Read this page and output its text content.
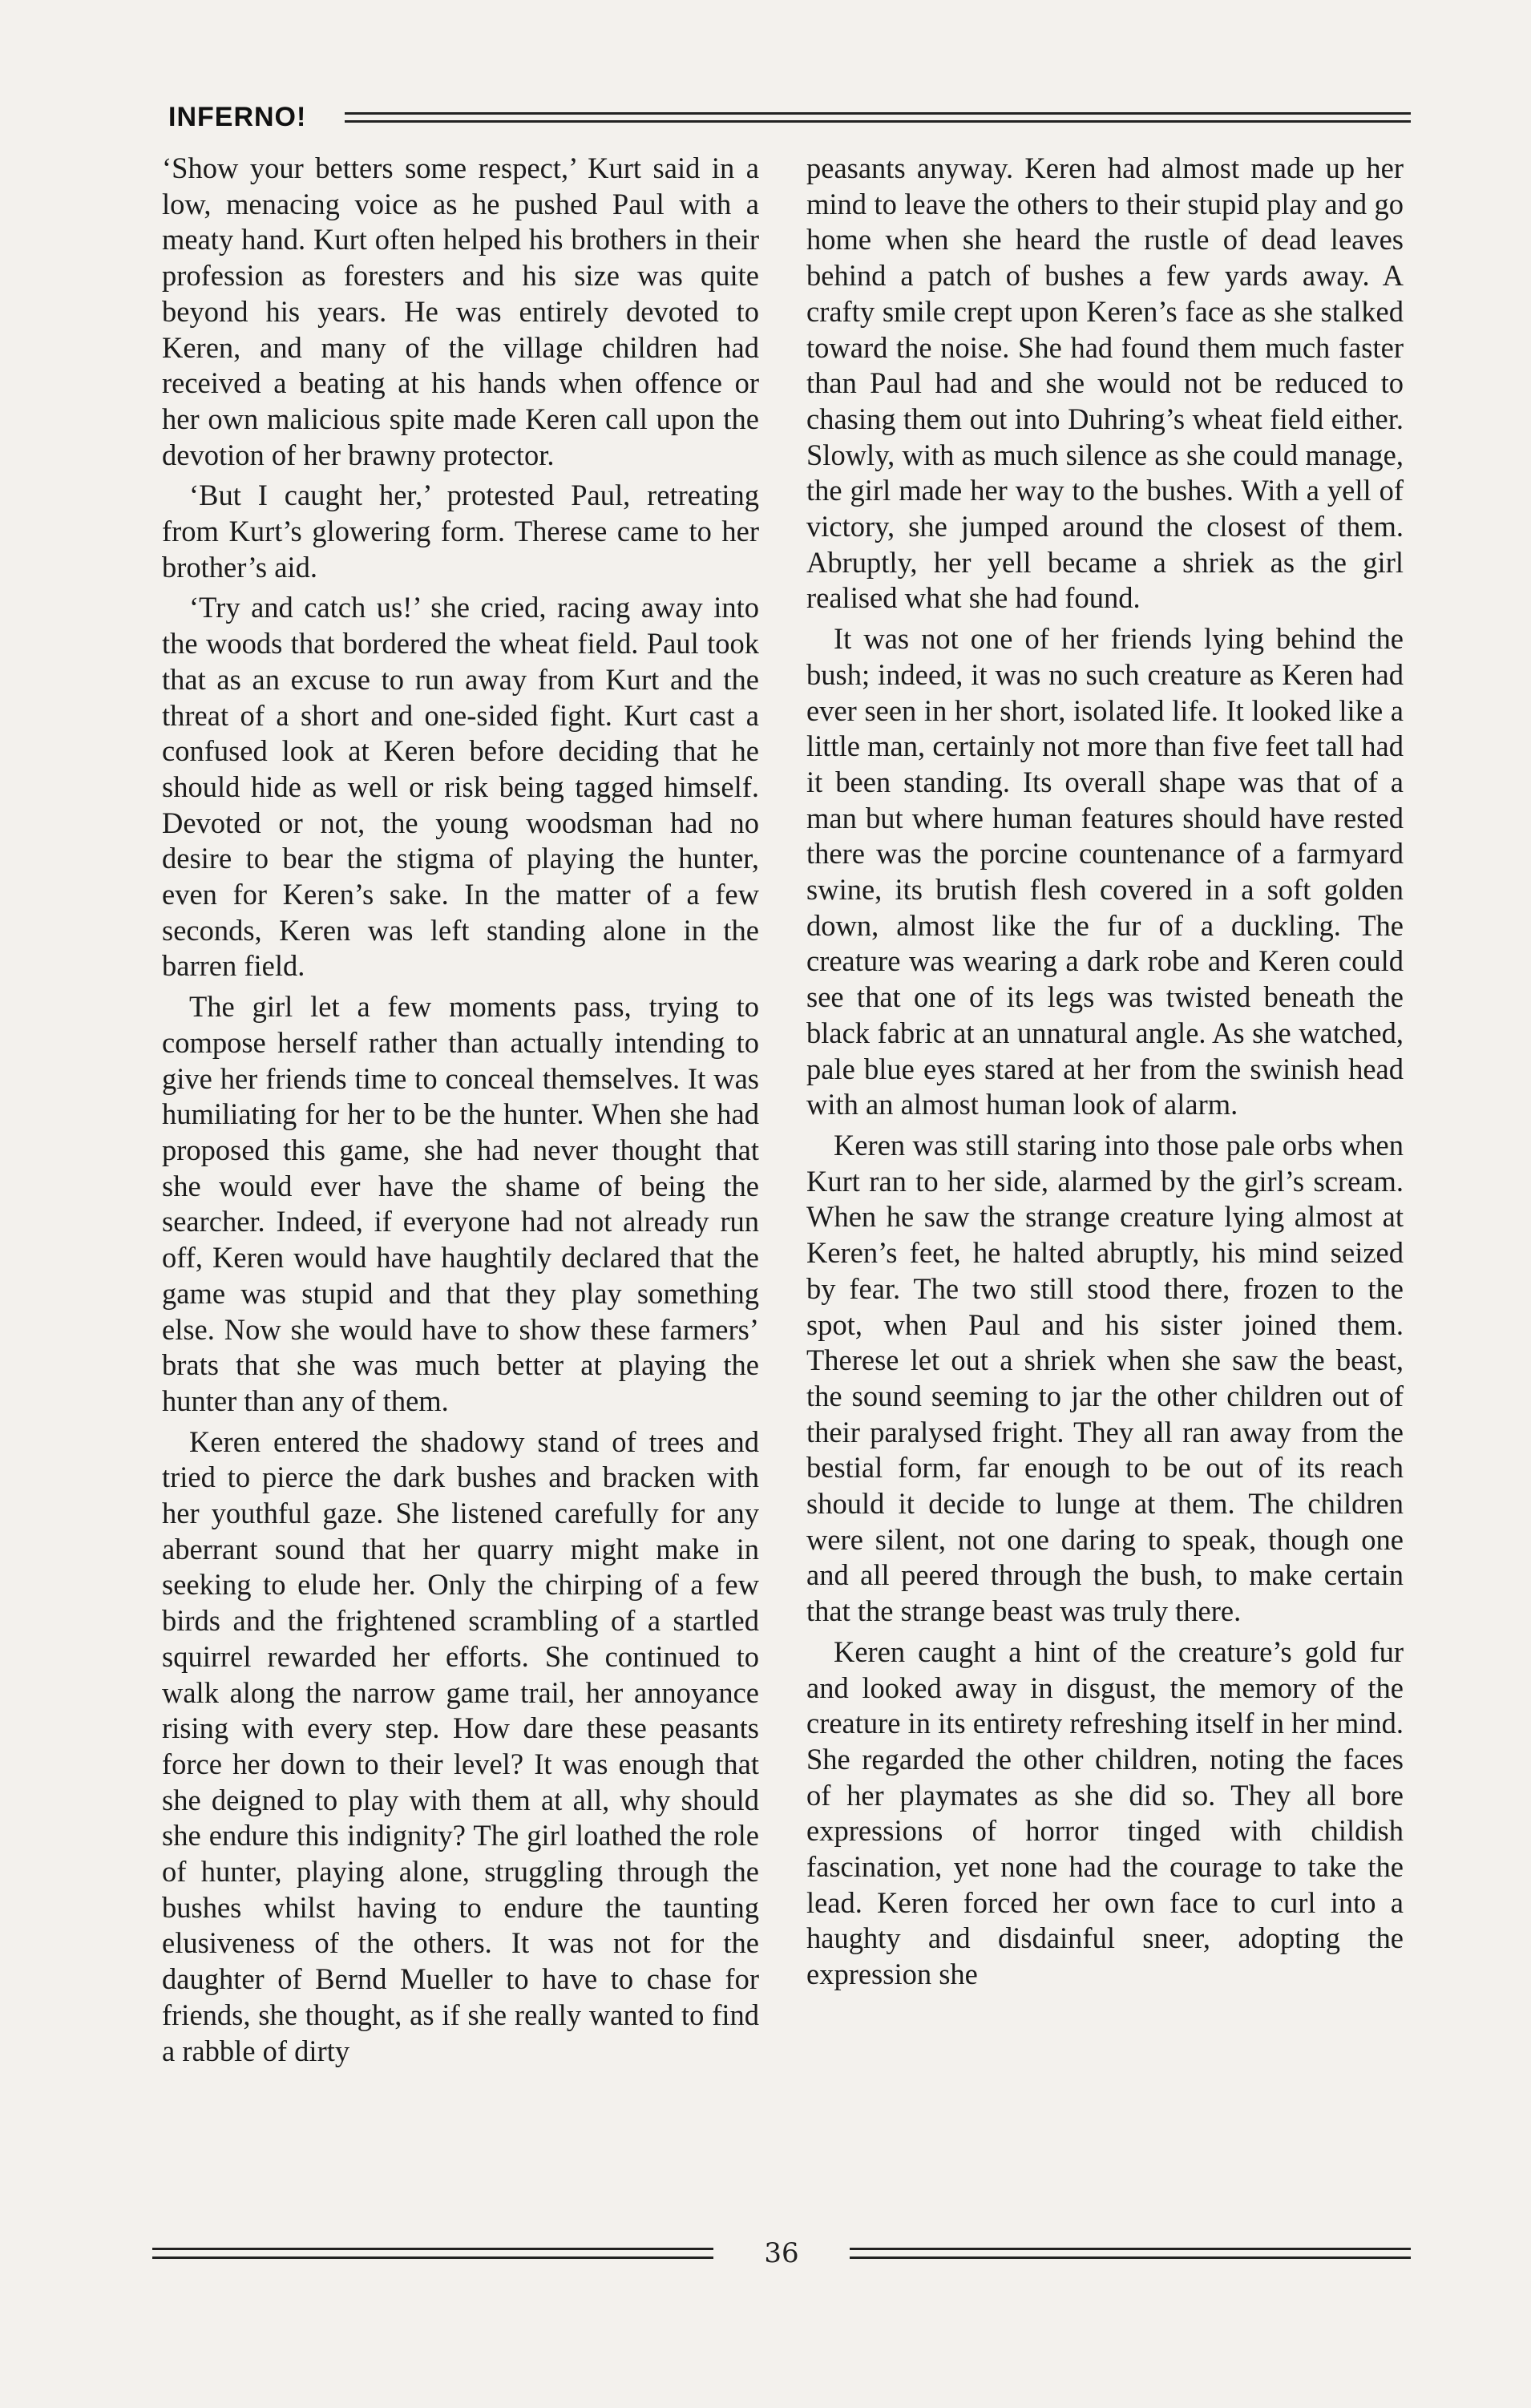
INFERNO!

‘Show your betters some respect,’ Kurt said in a low, menacing voice as he pushed Paul with a meaty hand. Kurt often helped his brothers in their profession as foresters and his size was quite beyond his years. He was entirely devoted to Keren, and many of the village children had received a beating at his hands when offence or her own malicious spite made Keren call upon the devotion of her brawny protector.

‘But I caught her,’ protested Paul, retreating from Kurt’s glowering form. Therese came to her brother’s aid.

‘Try and catch us!’ she cried, racing away into the woods that bordered the wheat field. Paul took that as an excuse to run away from Kurt and the threat of a short and one-sided fight. Kurt cast a confused look at Keren before deciding that he should hide as well or risk being tagged himself. Devoted or not, the young woodsman had no desire to bear the stigma of playing the hunter, even for Keren’s sake. In the matter of a few seconds, Keren was left standing alone in the barren field.

The girl let a few moments pass, trying to compose herself rather than actually intending to give her friends time to conceal themselves. It was humiliating for her to be the hunter. When she had proposed this game, she had never thought that she would ever have the shame of being the searcher. Indeed, if everyone had not already run off, Keren would have haughtily declared that the game was stupid and that they play something else. Now she would have to show these farmers’ brats that she was much better at playing the hunter than any of them.

Keren entered the shadowy stand of trees and tried to pierce the dark bushes and bracken with her youthful gaze. She listened carefully for any aberrant sound that her quarry might make in seeking to elude her. Only the chirping of a few birds and the frightened scrambling of a startled squirrel rewarded her efforts. She continued to walk along the narrow game trail, her annoyance rising with every step. How dare these peasants force her down to their level? It was enough that she deigned to play with them at all, why should she endure this indignity? The girl loathed the role of hunter, playing alone, struggling through the bushes whilst having to endure the taunting elusiveness of the others. It was not for the daughter of Bernd Mueller to have to chase for friends, she thought, as if she really wanted to find a rabble of dirty

peasants anyway. Keren had almost made up her mind to leave the others to their stupid play and go home when she heard the rustle of dead leaves behind a patch of bushes a few yards away. A crafty smile crept upon Keren’s face as she stalked toward the noise. She had found them much faster than Paul had and she would not be reduced to chasing them out into Duhring’s wheat field either. Slowly, with as much silence as she could manage, the girl made her way to the bushes. With a yell of victory, she jumped around the closest of them. Abruptly, her yell became a shriek as the girl realised what she had found.

It was not one of her friends lying behind the bush; indeed, it was no such creature as Keren had ever seen in her short, isolated life. It looked like a little man, certainly not more than five feet tall had it been standing. Its overall shape was that of a man but where human features should have rested there was the porcine countenance of a farmyard swine, its brutish flesh covered in a soft golden down, almost like the fur of a duckling. The creature was wearing a dark robe and Keren could see that one of its legs was twisted beneath the black fabric at an unnatural angle. As she watched, pale blue eyes stared at her from the swinish head with an almost human look of alarm.

Keren was still staring into those pale orbs when Kurt ran to her side, alarmed by the girl’s scream. When he saw the strange creature lying almost at Keren’s feet, he halted abruptly, his mind seized by fear. The two still stood there, frozen to the spot, when Paul and his sister joined them. Therese let out a shriek when she saw the beast, the sound seeming to jar the other children out of their paralysed fright. They all ran away from the bestial form, far enough to be out of its reach should it decide to lunge at them. The children were silent, not one daring to speak, though one and all peered through the bush, to make certain that the strange beast was truly there.

Keren caught a hint of the creature’s gold fur and looked away in disgust, the memory of the creature in its entirety refreshing itself in her mind. She regarded the other children, noting the faces of her playmates as she did so. They all bore expressions of horror tinged with childish fascination, yet none had the courage to take the lead. Keren forced her own face to curl into a haughty and disdainful sneer, adopting the expression she

36
